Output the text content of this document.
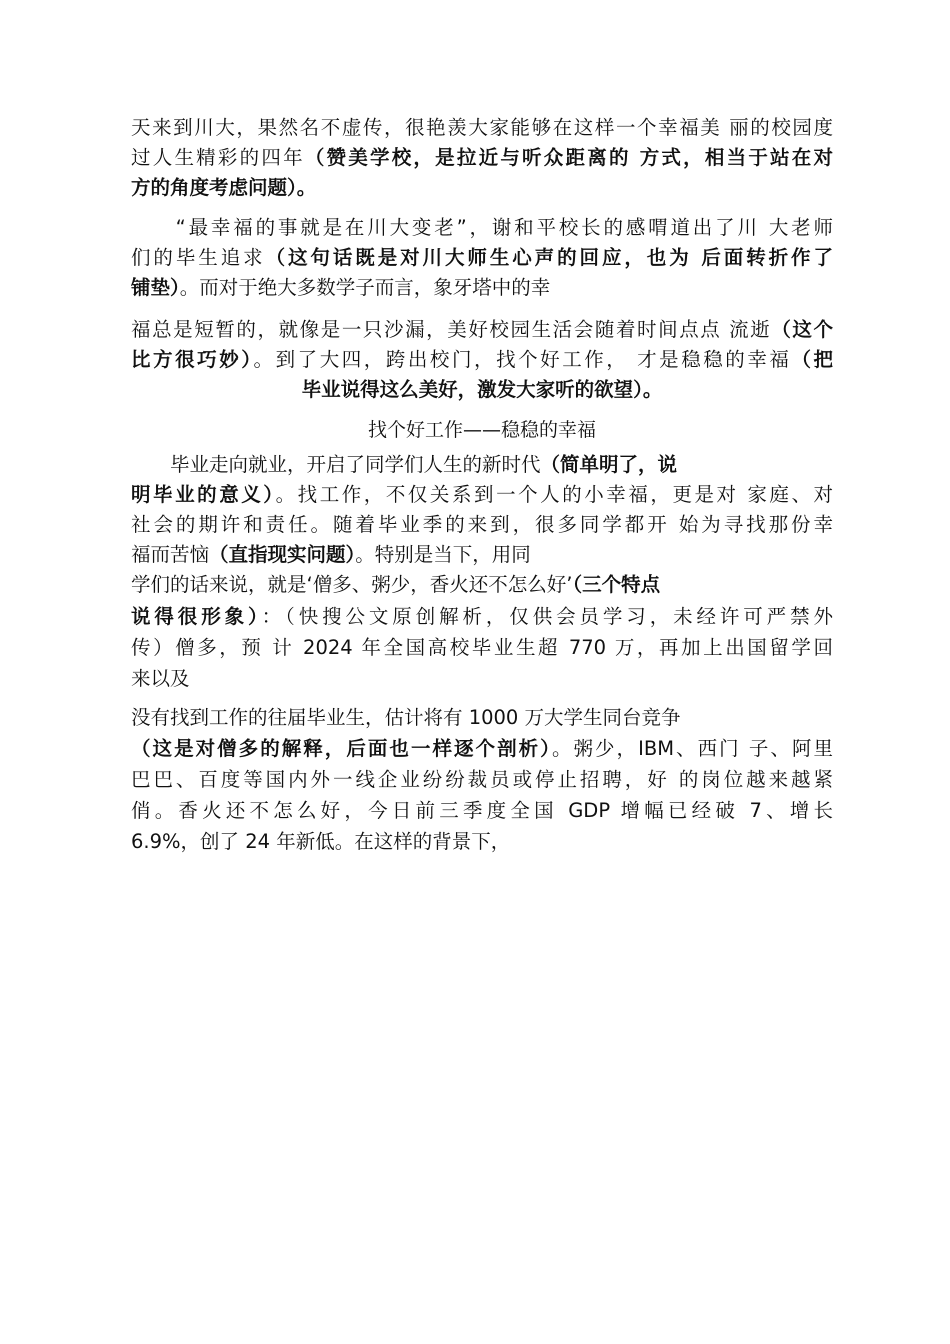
天来到川大，果然名不虚传，很艳羡大家能够在这样一个幸福美 丽的校园度
过人生精彩的四年（赞美学校，是拉近与听众距离的 方式，相当于站在对
方的角度考虑问题）。
　　“最幸福的事就是在川大变老”，谢和平校长的感喟道出了川 大老师
们的毕生追求（这句话既是对川大师生心声的回应，也为 后面转折作了
铺垫）。而对于绝大多数学子而言，象牙塔中的幸
福总是短暂的，就像是一只沙漏，美好校园生活会随着时间点点 流逝（这个
比方很巧妙）。到了大四，跨出校门，找个好工作， 才是稳稳的幸福（把
毕业说得这么美好，激发大家听的欲望）。
找个好工作——稳稳的幸福
　　毕业走向就业，开启了同学们人生的新时代（简单明了，说
明毕业的意义）。找工作，不仅关系到一个人的小幸福，更是对 家庭、对
社会的期许和责任。随着毕业季的来到，很多同学都开 始为寻找那份幸
福而苦恼（直指现实问题）。特别是当下，用同
学们的话来说，就是‘僧多、粥少，香火还不怎么好’（三个特点
说得很形象）：（快搜公文原创解析，仅供会员学习，未经许可严禁外
传）僧多，预 计 2024 年全国高校毕业生超 770 万，再加上出国留学回
来以及
没有找到工作的往届毕业生，估计将有 1000 万大学生同台竞争
（这是对僧多的解释，后面也一样逐个剖析）。粥少，IBM、西门 子、阿里
巴巴、百度等国内外一线企业纷纷裁员或停止招聘，好 的岗位越来越紧
俏。香火还不怎么好，今日前三季度全国 GDP 增幅已经破 7、增长
6.9%，创了 24 年新低。在这样的背景下，
